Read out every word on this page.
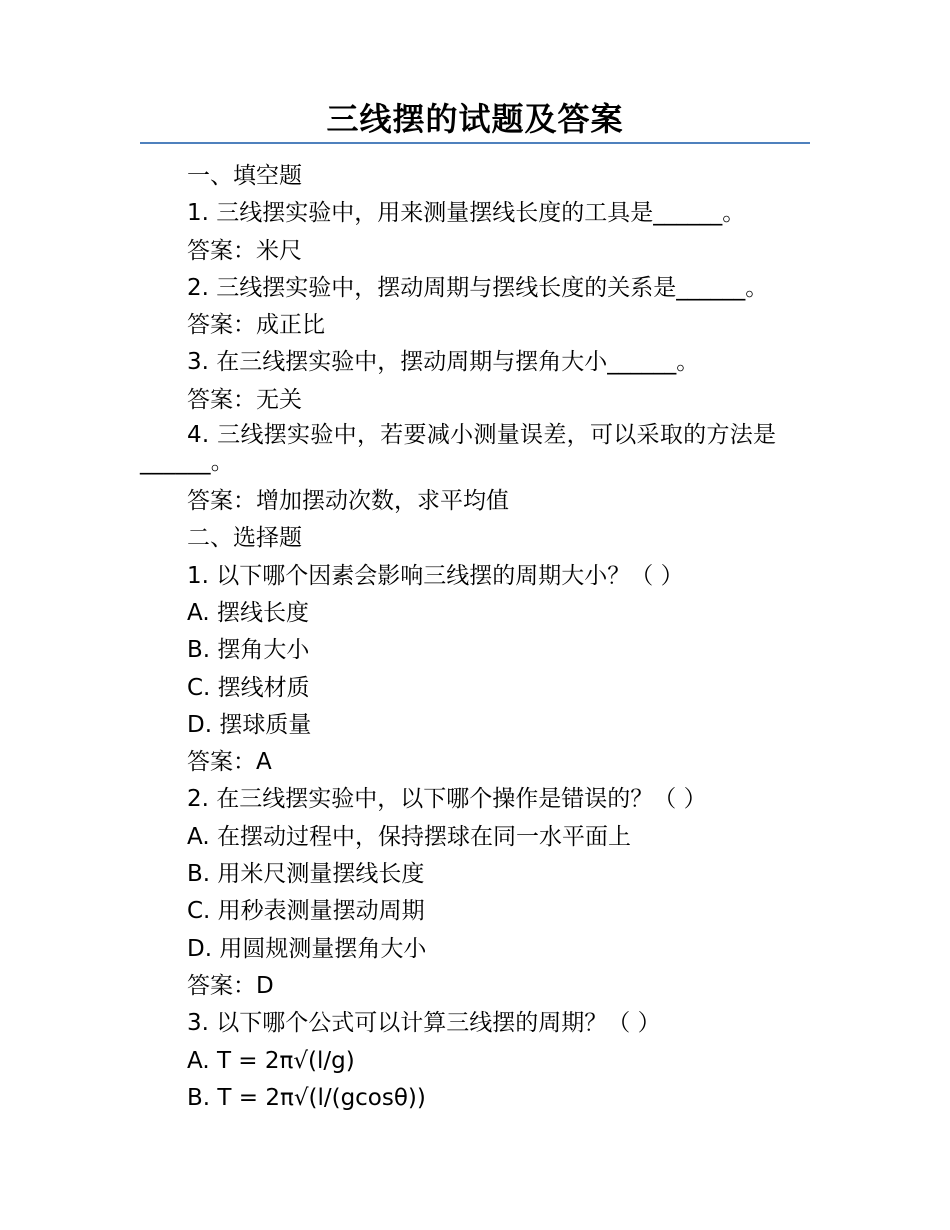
三线摆的试题及答案

一、填空题

1. 三线摆实验中，用来测量摆线长度的工具是______。

答案：米尺

2. 三线摆实验中，摆动周期与摆线长度的关系是______。

答案：成正比

3. 在三线摆实验中，摆动周期与摆角大小______。

答案：无关

4. 三线摆实验中，若要减小测量误差，可以采取的方法是______。

答案：增加摆动次数，求平均值

二、选择题

1. 以下哪个因素会影响三线摆的周期大小？（ ）

A. 摆线长度

B. 摆角大小

C. 摆线材质

D. 摆球质量

答案：A

2. 在三线摆实验中，以下哪个操作是错误的？（ ）

A. 在摆动过程中，保持摆球在同一水平面上

B. 用米尺测量摆线长度

C. 用秒表测量摆动周期

D. 用圆规测量摆角大小

答案：D

3. 以下哪个公式可以计算三线摆的周期？（ ）

A. T = 2π√(l/g)

B. T = 2π√(l/(gcosθ))
